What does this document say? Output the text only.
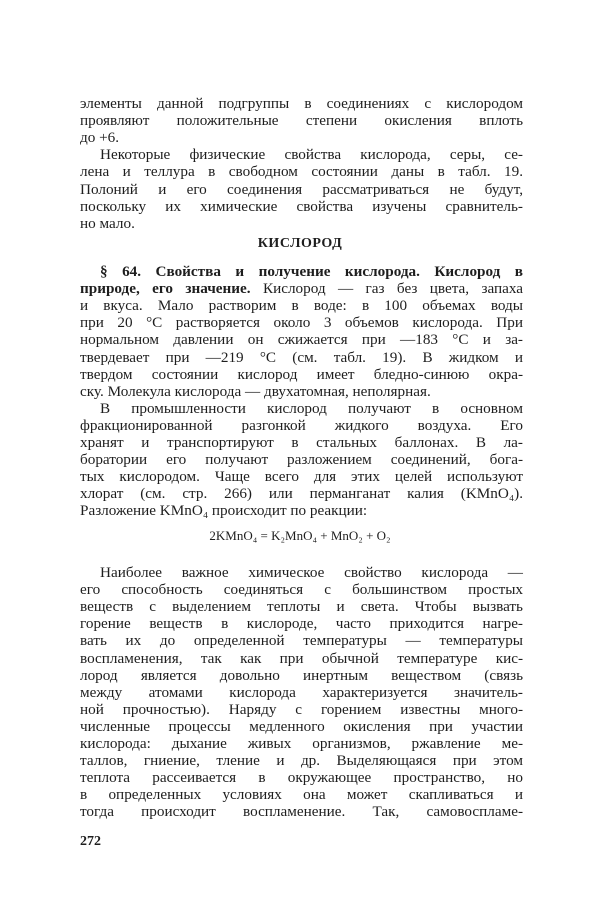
КИСЛОРОД
2KMnO₄ = K₂MnO₄ + MnO₂ + O₂
272
элементы данной подгруппы в соединениях с кислородом
проявляют положительные степени окисления вплоть
до +6.
Некоторые физические свойства кислорода, серы, се-
лена и теллура в свободном состоянии даны в табл. 19.
Полоний и его соединения рассматриваться не будут,
поскольку их химические свойства изучены сравнитель-
но мало.
§ 64. Свойства и получение кислорода. Кислород в
природе, его значение. Кислород — газ без цвета, запаха
и вкуса. Мало растворим в воде: в 100 объемах воды
при 20 °С растворяется около 3 объемов кислорода. При
нормальном давлении он сжижается при —183 °С и за-
твердевает при —219 °С (см. табл. 19). В жидком и
твердом состоянии кислород имеет бледно-синюю окра-
ску. Молекула кислорода — двухатомная, неполярная.
В промышленности кислород получают в основном
фракционированной разгонкой жидкого воздуха. Его
хранят и транспортируют в стальных баллонах. В ла-
боратории его получают разложением соединений, бога-
тых кислородом. Чаще всего для этих целей используют
хлорат (см. стр. 266) или перманганат калия (KMnO₄).
Разложение KMnO₄ происходит по реакции:
Наиболее важное химическое свойство кислорода —
его способность соединяться с большинством простых
веществ с выделением теплоты и света. Чтобы вызвать
горение веществ в кислороде, часто приходится нагре-
вать их до определенной температуры — температуры
воспламенения, так как при обычной температуре кис-
лород является довольно инертным веществом (связь
между атомами кислорода характеризуется значитель-
ной прочностью). Наряду с горением известны много-
численные процессы медленного окисления при участии
кислорода: дыхание живых организмов, ржавление ме-
таллов, гниение, тление и др. Выделяющаяся при этом
теплота рассеивается в окружающее пространство, но
в определенных условиях она может скапливаться и
тогда происходит воспламенение. Так, самовоспламе-
